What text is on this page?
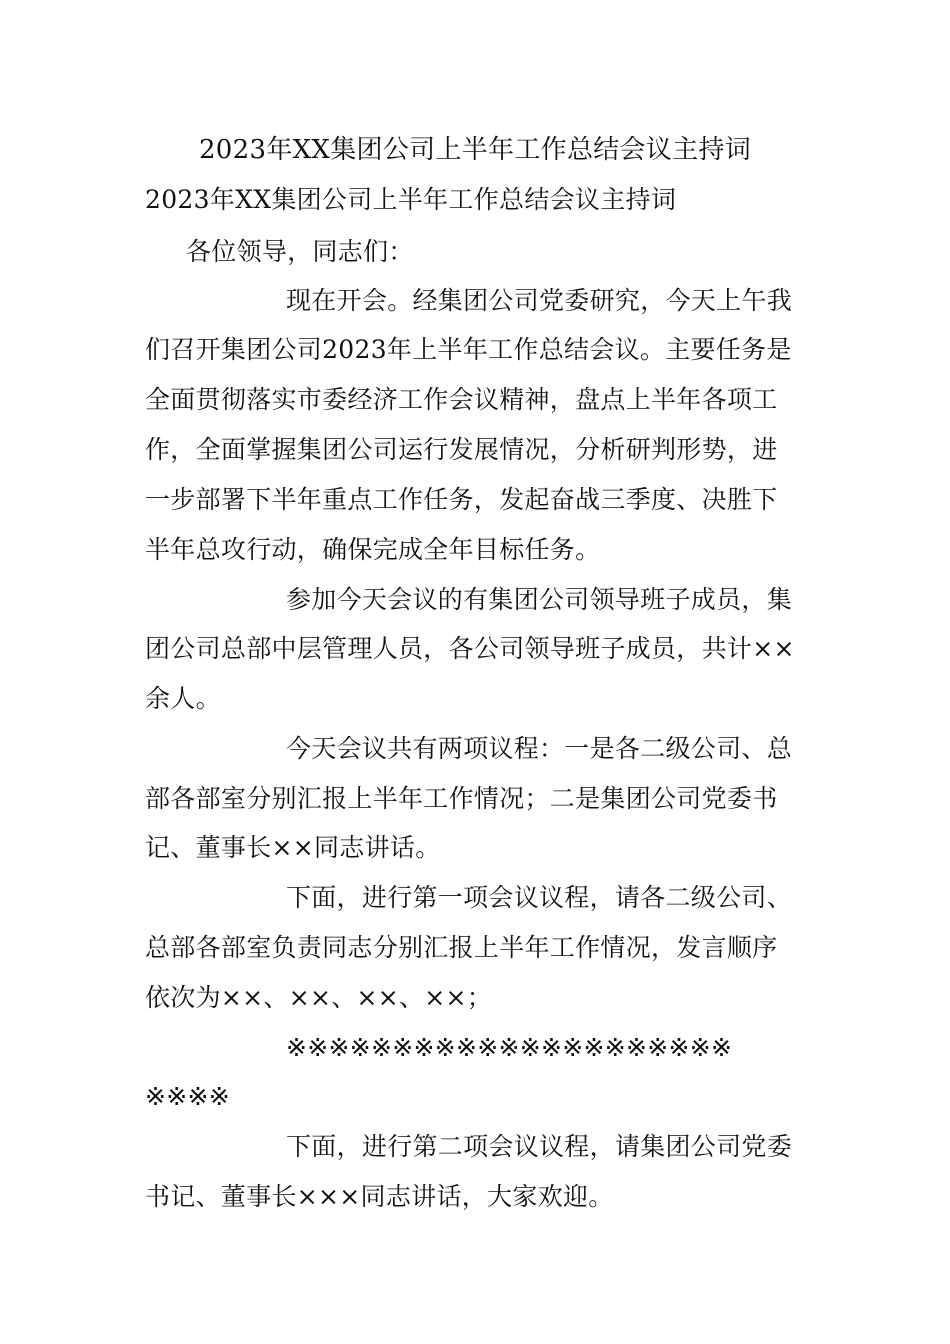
2023年XX集团公司上半年工作总结会议主持词
2023年XX集团公司上半年工作总结会议主持词
各位领导，同志们：
现在开会。经集团公司党委研究，今天上午我
们召开集团公司2023年上半年工作总结会议。主要任务是
全面贯彻落实市委经济工作会议精神，盘点上半年各项工
作，全面掌握集团公司运行发展情况，分析研判形势，进
一步部署下半年重点工作任务，发起奋战三季度、决胜下
半年总攻行动，确保完成全年目标任务。
参加今天会议的有集团公司领导班子成员，集
团公司总部中层管理人员，各公司领导班子成员，共计××
余人。
今天会议共有两项议程：一是各二级公司、总
部各部室分别汇报上半年工作情况；二是集团公司党委书
记、董事长××同志讲话。
下面，进行第一项会议议程，请各二级公司、
总部各部室负责同志分别汇报上半年工作情况，发言顺序
依次为××、××、××、××；
※※※※※※※※※※※※※※※※※※※※※
※※※※
下面，进行第二项会议议程，请集团公司党委
书记、董事长×××同志讲话，大家欢迎。
